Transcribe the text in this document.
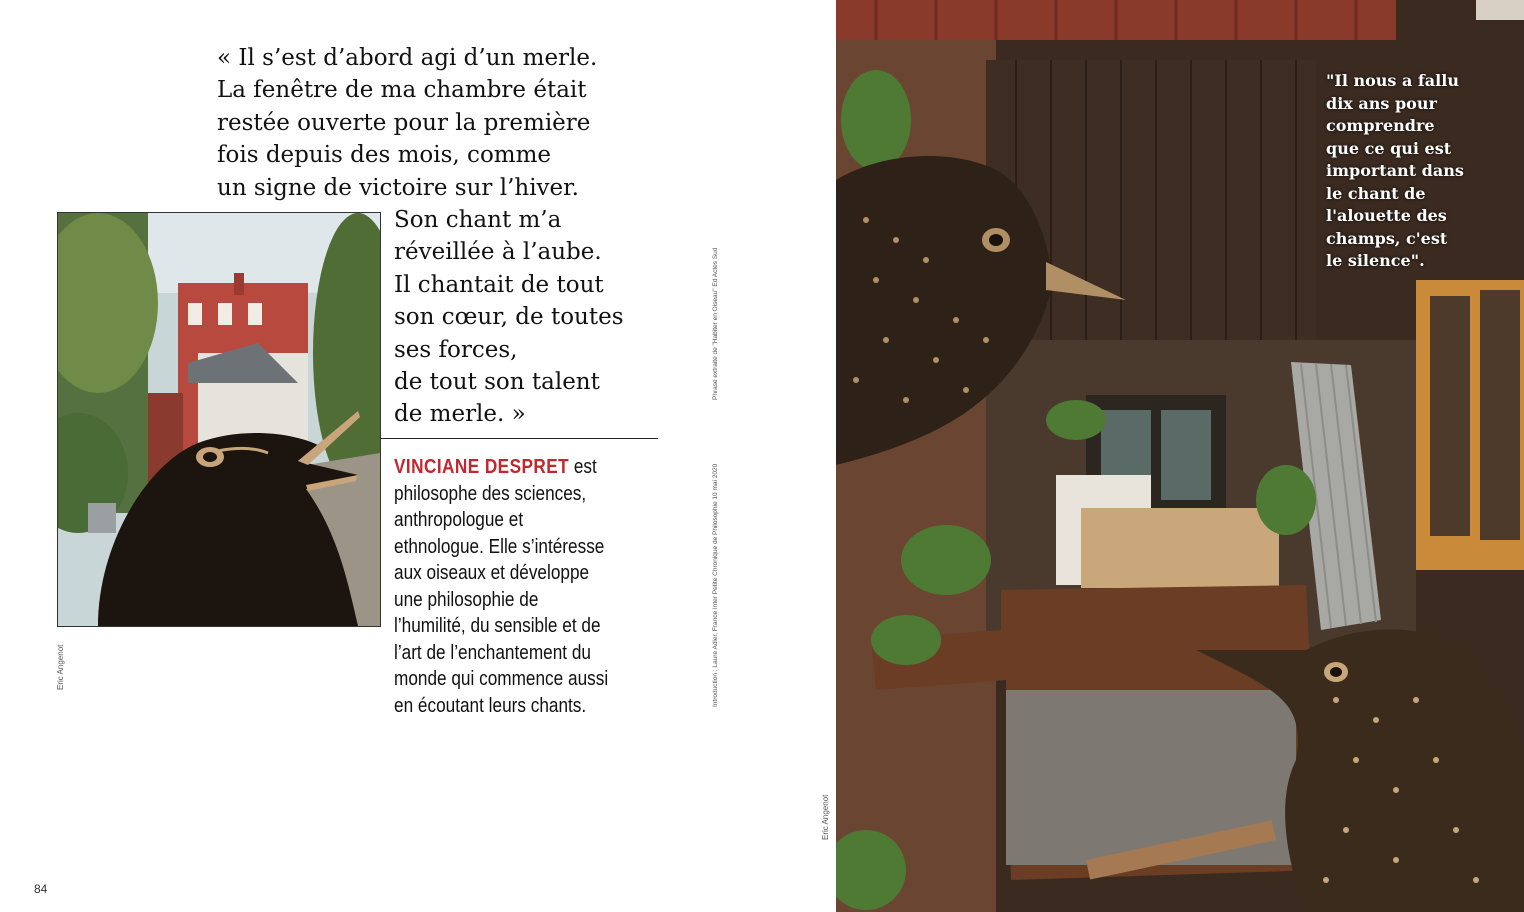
« Il s’est d’abord agi d’un merle.
La fenêtre de ma chambre était
restée ouverte pour la première
fois depuis des mois, comme
un signe de victoire sur l’hiver.

Son chant m’a
réveillée à l’aube.
Il chantait de tout
son cœur, de toutes
ses forces,
de tout son talent
de merle. »

VINCIANE DESPRET est
philosophe des sciences,
anthropologue et
ethnologue. Elle s’intéresse
aux oiseaux et développe
une philosophie de
l’humilité, du sensible et de
l’art de l’enchantement du
monde qui commence aussi
en écoutant leurs chants.
Eric Angenot
Phrase extraite de "Habiter en Oiseau" Ed Actes Sud
Introduction : Laure Adler, France Inter Petite Chronique de Philosophie 10 mai 2020
84
Eric Angenot
"Il nous a fallu
dix ans pour
comprendre
que ce qui est
important dans
le chant de
l'alouette des
champs, c'est
le silence".
